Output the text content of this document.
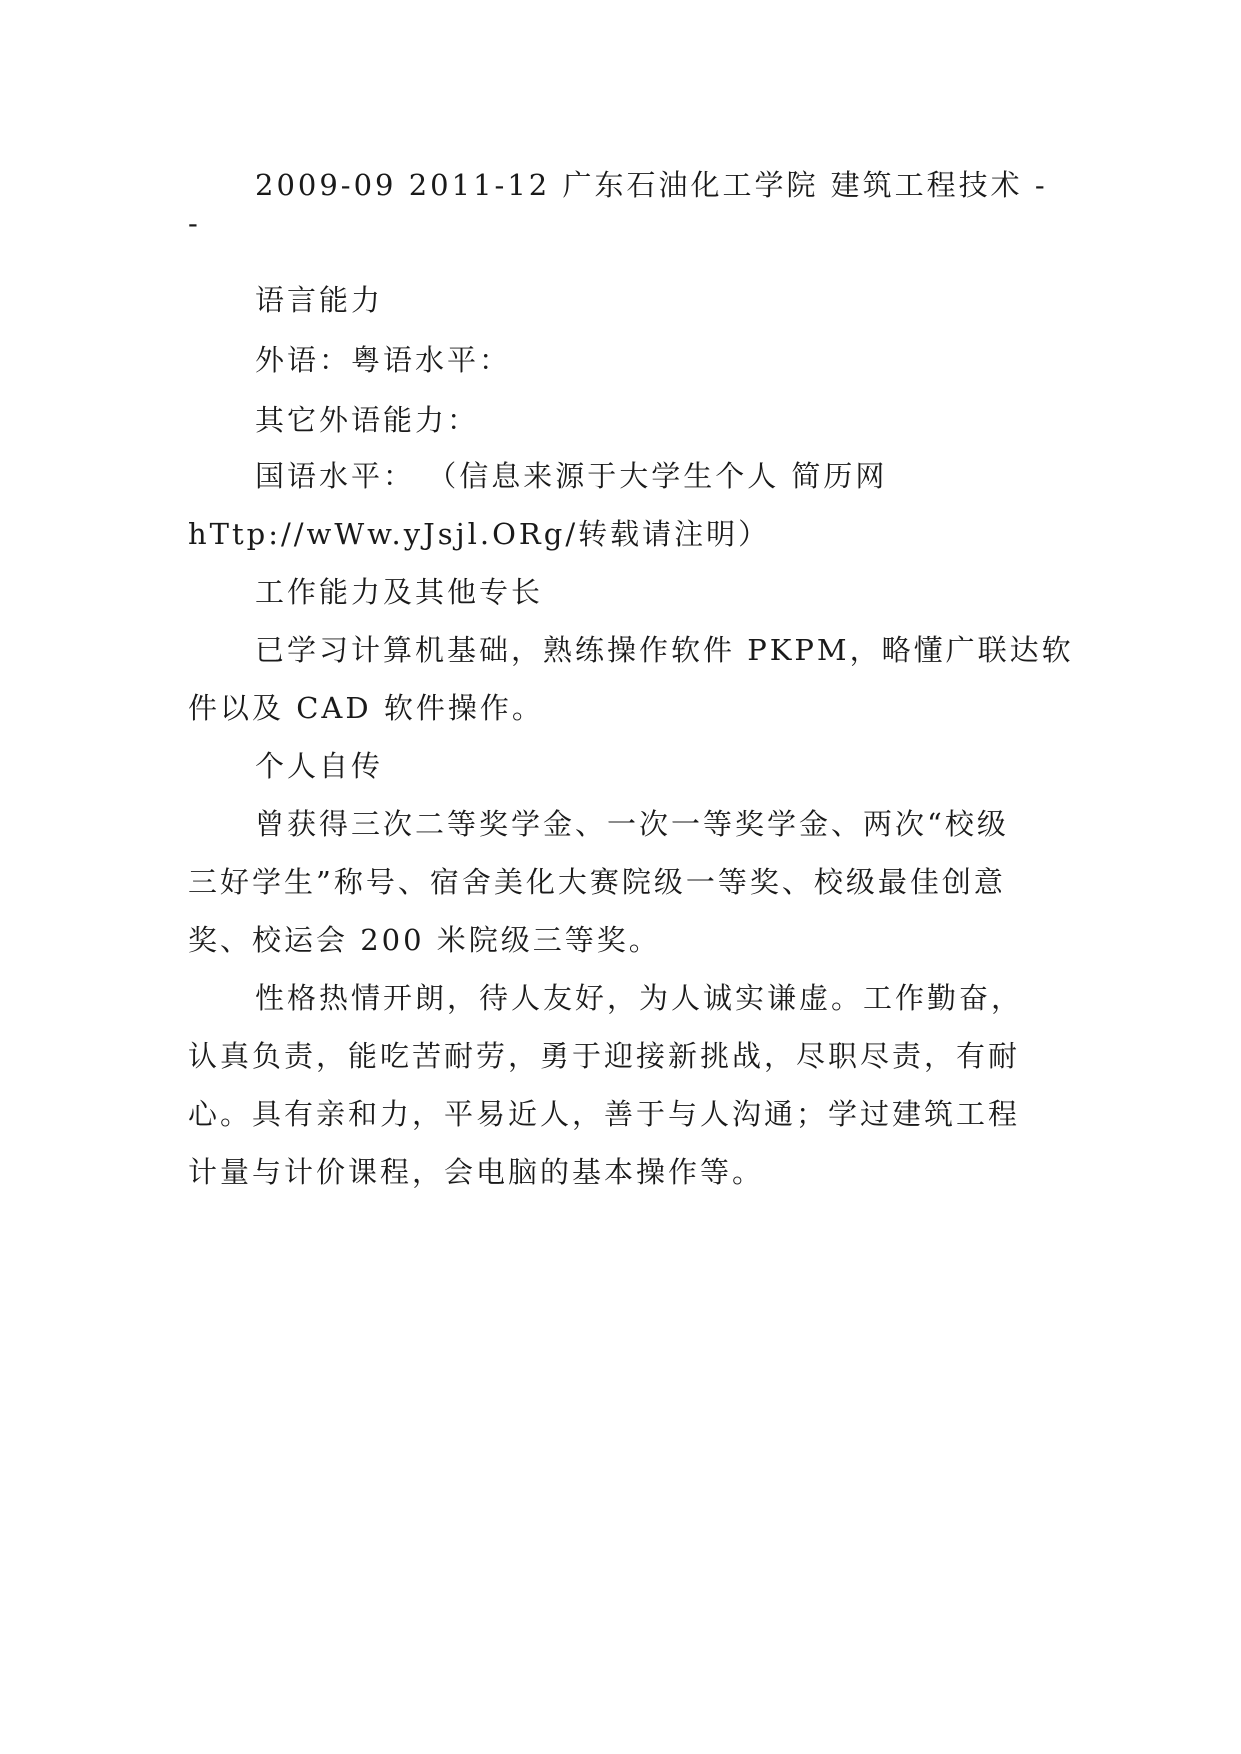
2009-09 2011-12 广东石油化工学院 建筑工程技术 -
-
语言能力
外语：粤语水平：
其它外语能力：
国语水平： （信息来源于大学生个人 简历网
hTtp://wWw.yJsjl.ORg/转载请注明）
工作能力及其他专长
已学习计算机基础，熟练操作软件 PKPM，略懂广联达软
件以及 CAD 软件操作。
个人自传
曾获得三次二等奖学金、一次一等奖学金、两次“校级
三好学生”称号、宿舍美化大赛院级一等奖、校级最佳创意
奖、校运会 200 米院级三等奖。
性格热情开朗，待人友好，为人诚实谦虚。工作勤奋，
认真负责，能吃苦耐劳，勇于迎接新挑战，尽职尽责，有耐
心。具有亲和力，平易近人，善于与人沟通；学过建筑工程
计量与计价课程，会电脑的基本操作等。
